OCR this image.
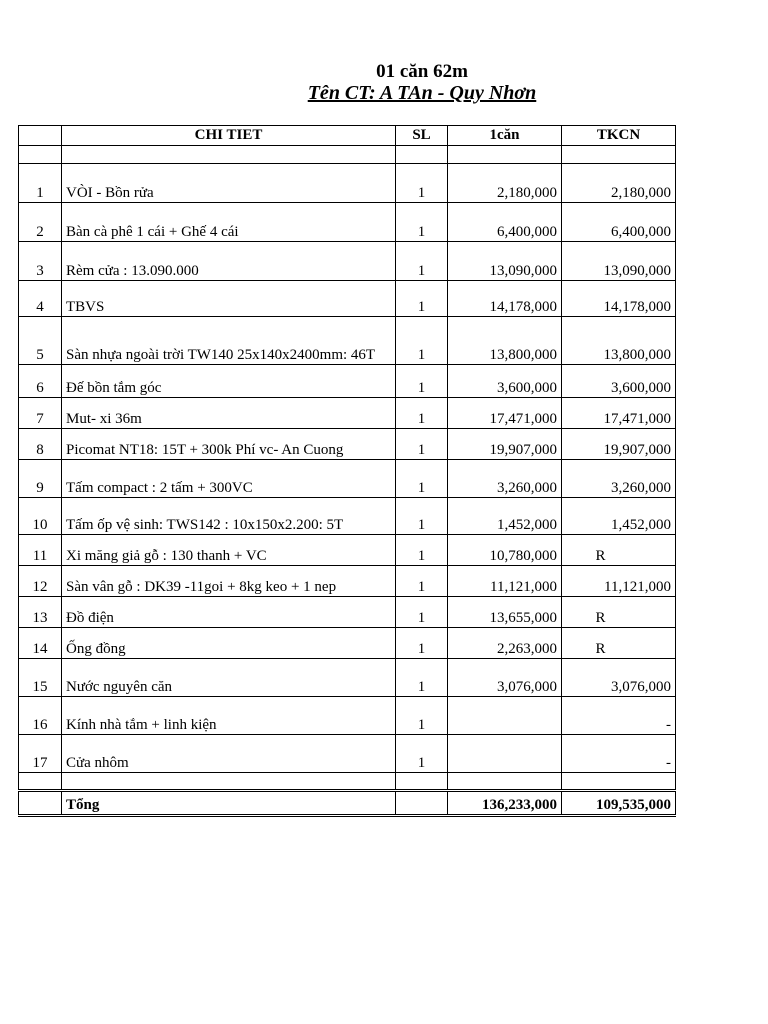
01 căn 62m
Tên CT: A TAn - Quy Nhơn
	CHI TIET	SL	1căn	TKCN

1	VÒI - Bồn rửa	1	2,180,000	2,180,000
2	Bàn cà phê 1 cái + Ghế 4 cái	1	6,400,000	6,400,000
3	Rèm cửa : 13.090.000	1	13,090,000	13,090,000
4	TBVS	1	14,178,000	14,178,000
5	Sàn nhựa ngoài trời TW140 25x140x2400mm: 46T	1	13,800,000	13,800,000
6	Đế bồn tắm góc	1	3,600,000	3,600,000
7	Mut- xi 36m	1	17,471,000	17,471,000
8	Picomat NT18: 15T + 300k Phí vc- An Cuong	1	19,907,000	19,907,000
9	Tấm compact : 2 tấm + 300VC	1	3,260,000	3,260,000
10	Tấm ốp vệ sinh: TWS142 : 10x150x2.200: 5T	1	1,452,000	1,452,000
11	Xi măng giả gỗ : 130 thanh + VC	1	10,780,000	R
12	Sàn vân gỗ : DK39 -11goi + 8kg keo + 1 nep	1	11,121,000	11,121,000
13	Đồ điện	1	13,655,000	R
14	Ống đồng	1	2,263,000	R
15	Nước nguyên căn	1	3,076,000	3,076,000
16	Kính nhà tắm + linh kiện	1		-
17	Cửa nhôm	1		-

	Tổng		136,233,000	109,535,000
